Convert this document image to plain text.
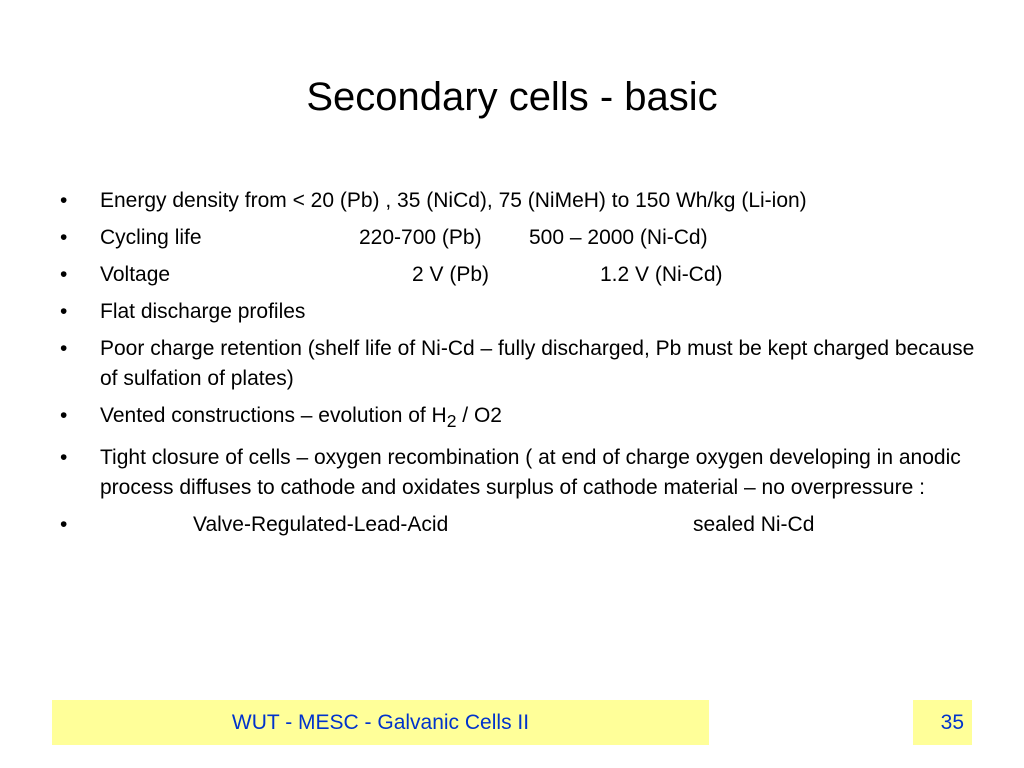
Secondary cells - basic
• Energy density from < 20 (Pb) , 35 (NiCd), 75 (NiMeH) to 150 Wh/kg (Li-ion)
• Cycling life	220-700 (Pb) 500 – 2000 (Ni-Cd)
• Voltage	2 V (Pb)	1.2 V (Ni-Cd)
• Flat discharge profiles
• Poor charge retention (shelf life of Ni-Cd – fully discharged, Pb must be kept charged because of sulfation of plates)
• Vented constructions – evolution of $H_2 / O2$
• Tight closure of cells – oxygen recombination ( at end of charge oxygen developing in anodic process diffuses to cathode and oxidates surplus of cathode material – no overpressure :
•	Valve-Regulated-Lead-Acid	sealed Ni-Cd
WUT - MESC - Galvanic Cells II	35
